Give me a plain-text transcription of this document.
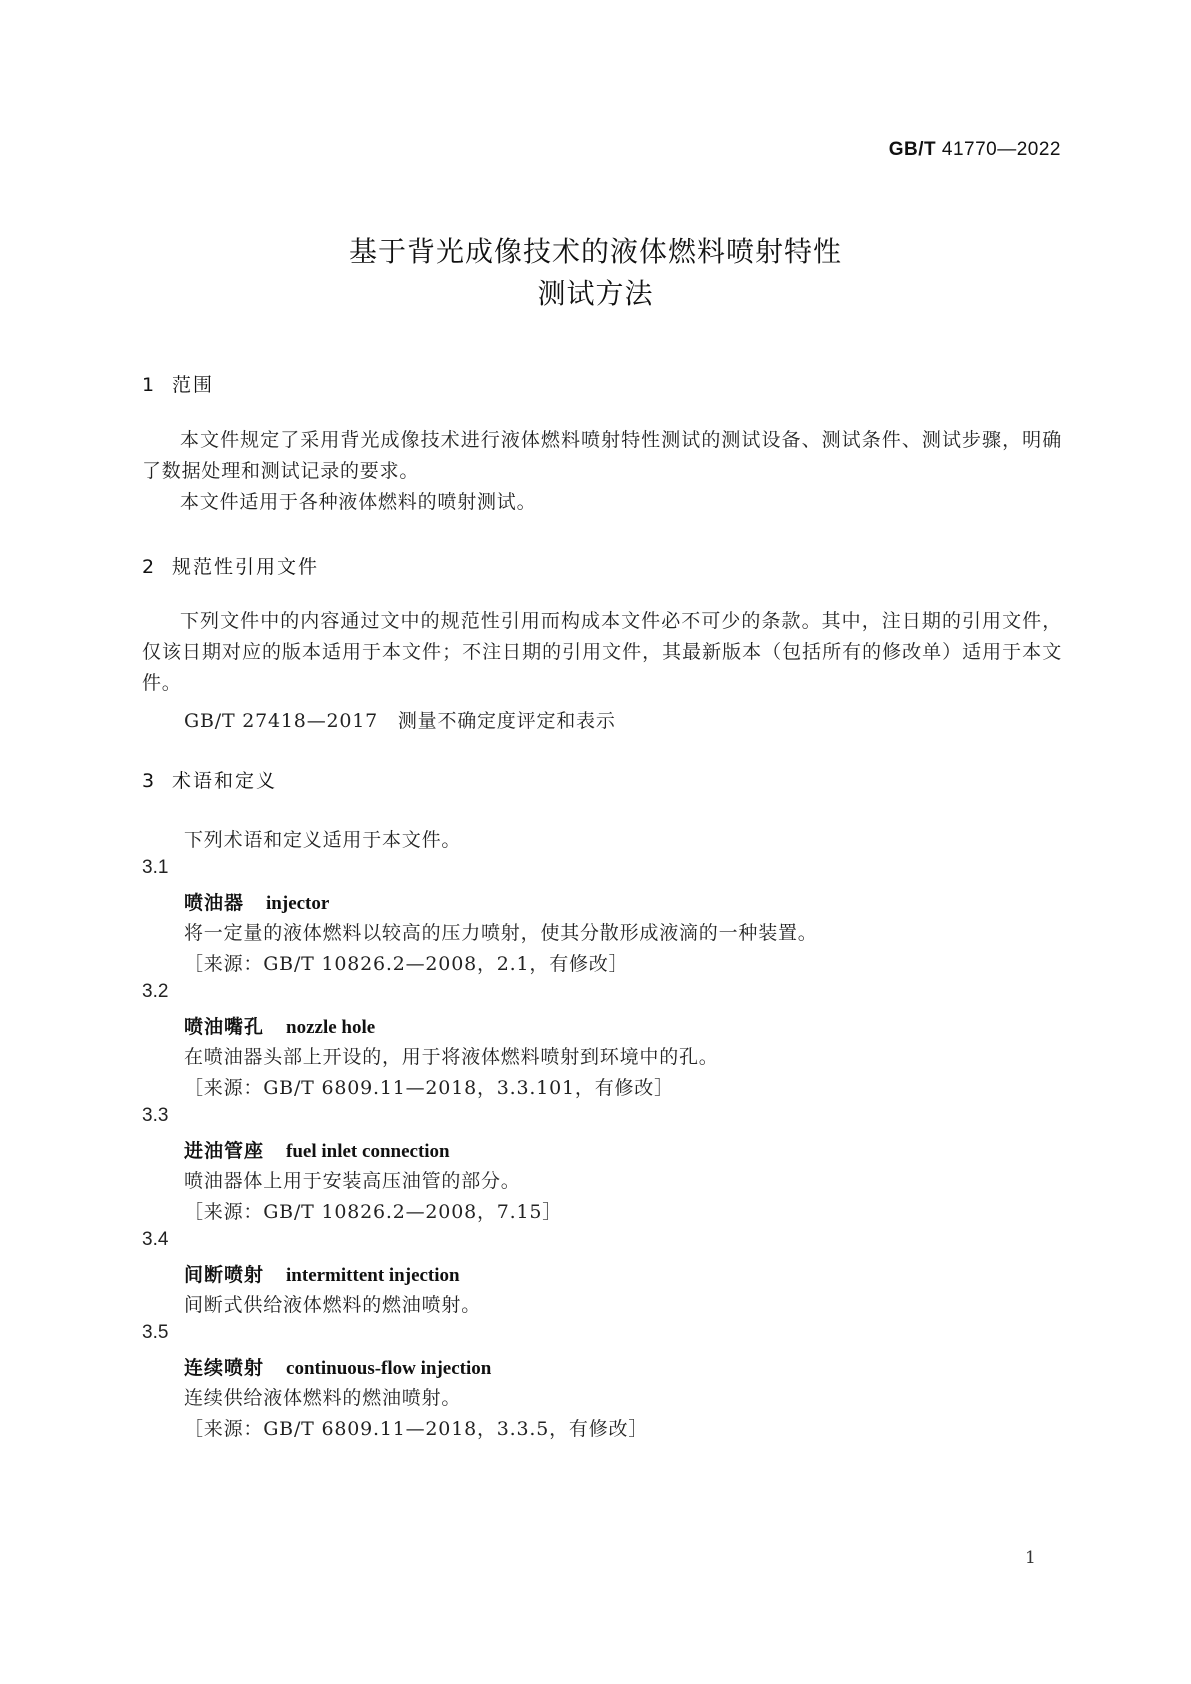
GB/T 41770—2022
基于背光成像技术的液体燃料喷射特性
测试方法
1 范围
本文件规定了采用背光成像技术进行液体燃料喷射特性测试的测试设备、测试条件、测试步骤，明确了数据处理和测试记录的要求。
本文件适用于各种液体燃料的喷射测试。
2 规范性引用文件
下列文件中的内容通过文中的规范性引用而构成本文件必不可少的条款。其中，注日期的引用文件，仅该日期对应的版本适用于本文件；不注日期的引用文件，其最新版本（包括所有的修改单）适用于本文件。
GB/T 27418—2017　测量不确定度评定和表示
3 术语和定义
下列术语和定义适用于本文件。
3.1
喷油器 injector
将一定量的液体燃料以较高的压力喷射，使其分散形成液滴的一种装置。
［来源：GB/T 10826.2—2008，2.1，有修改］
3.2
喷油嘴孔 nozzle hole
在喷油器头部上开设的，用于将液体燃料喷射到环境中的孔。
［来源：GB/T 6809.11—2018，3.3.101，有修改］
3.3
进油管座 fuel inlet connection
喷油器体上用于安装高压油管的部分。
［来源：GB/T 10826.2—2008，7.15］
3.4
间断喷射 intermittent injection
间断式供给液体燃料的燃油喷射。
3.5
连续喷射 continuous-flow injection
连续供给液体燃料的燃油喷射。
［来源：GB/T 6809.11—2018，3.3.5，有修改］
1
